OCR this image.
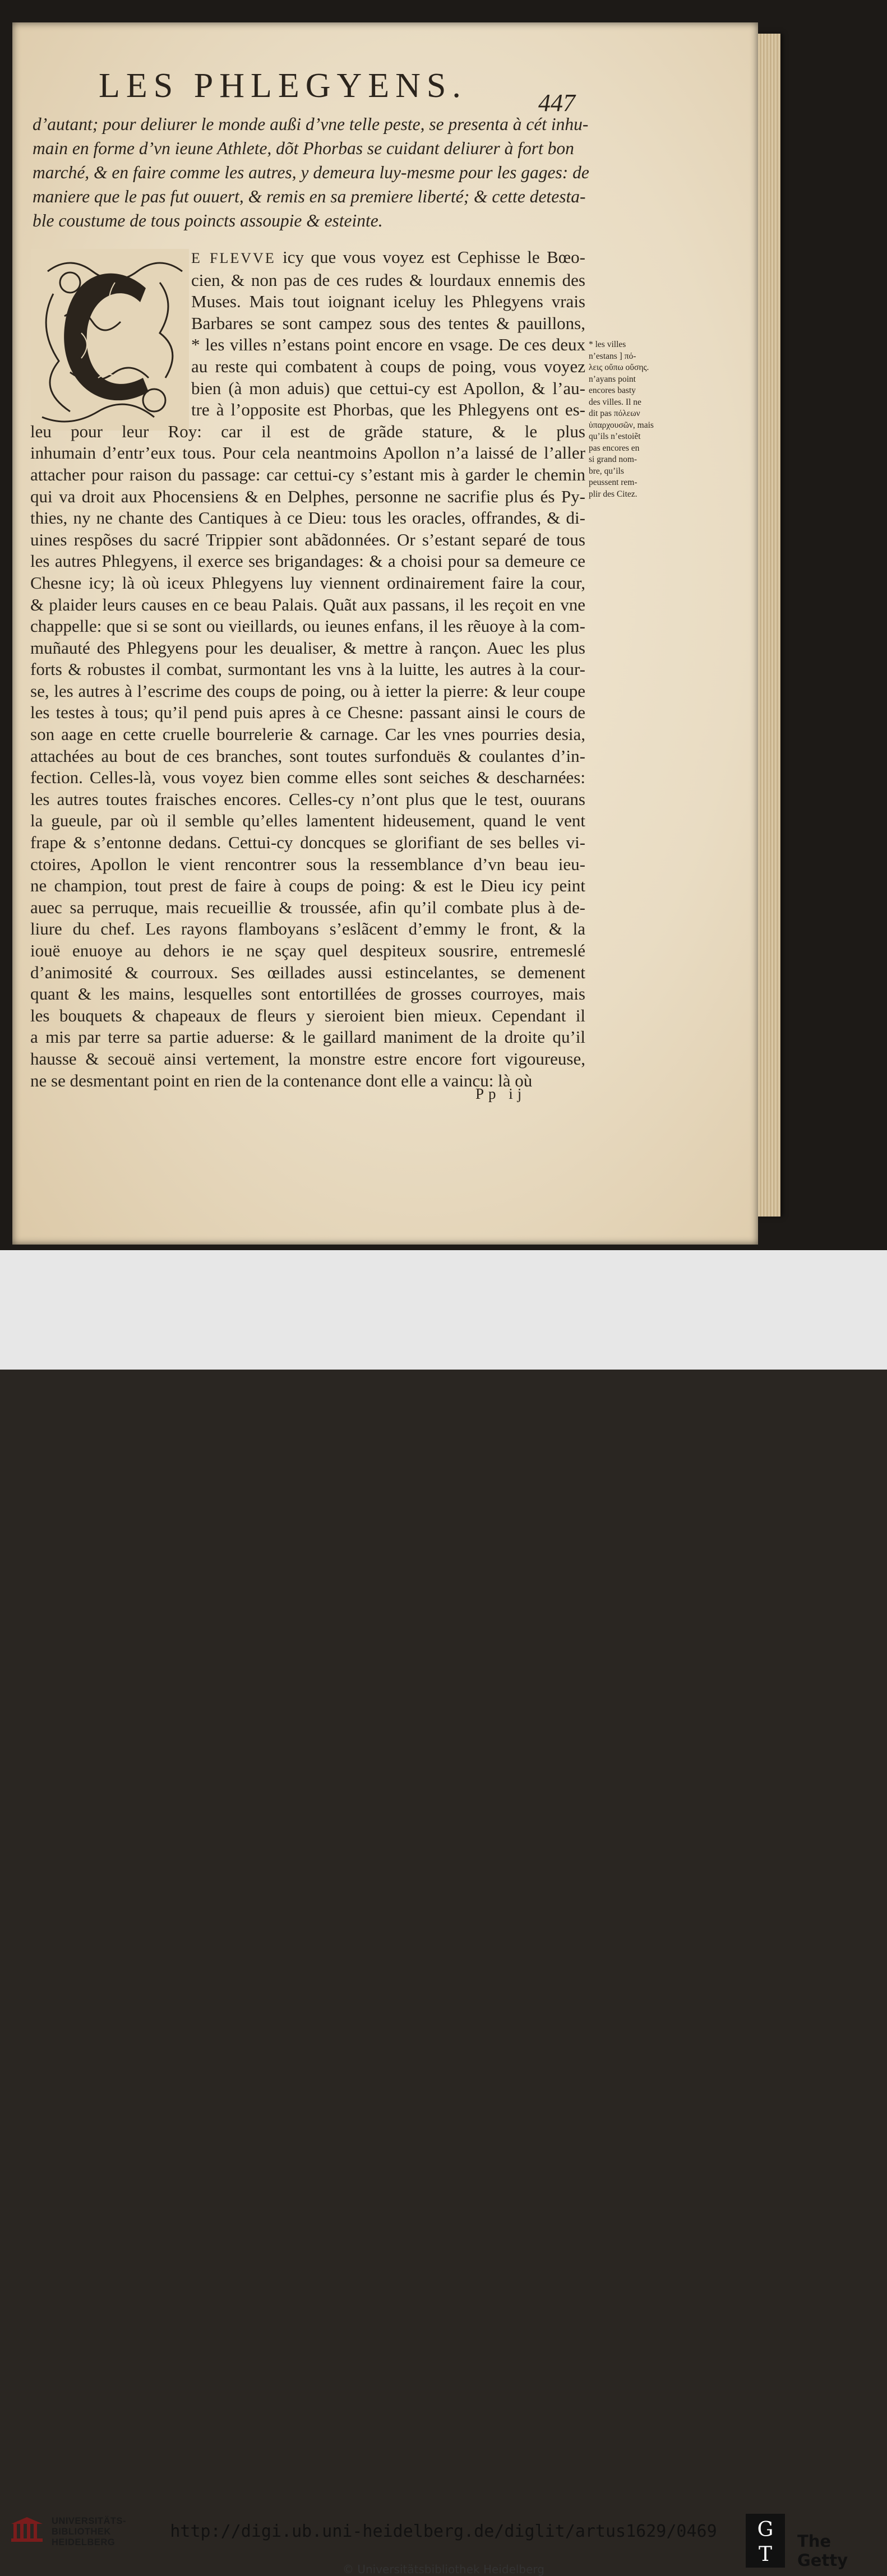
LES PHLEGYENS.	447
d’autant; pour deliurer le monde außi d’vne telle peste, se presenta à cét inhu-
main en forme d’vn ieune Athlete, dõt Phorbas se cuidant deliurer à fort bon
marché, & en faire comme les autres, y demeura luy-mesme pour les gages: de
maniere que le pas fut ouuert, & remis en sa premiere liberté; & cette detesta-
ble coustume de tous poincts assoupie & esteinte.
E FLEVVE icy que vous voyez est Cephisse le Bœo-
cien, & non pas de ces rudes & lourdaux ennemis des
Muses. Mais tout ioignant iceluy les Phlegyens vrais
Barbares se sont campez sous des tentes & pauillons,
* les villes n’estans point encore en vsage. De ces deux
au reste qui combatent à coups de poing, vous voyez
bien (à mon aduis) que cettui-cy est Apollon, & l’au-
tre à l’opposite est Phorbas, que les Phlegyens ont es-
leu pour leur Roy: car il est de grãde stature, & le plus
inhumain d’entr’eux tous. Pour cela neantmoins Apollon n’a laissé de l’aller
attacher pour raison du passage: car cettui-cy s’estant mis à garder le chemin
qui va droit aux Phocensiens & en Delphes, personne ne sacrifie plus és Py-
thies, ny ne chante des Cantiques à ce Dieu: tous les oracles, offrandes, & di-
uines respõses du sacré Trippier sont abãdonnées. Or s’estant separé de tous
les autres Phlegyens, il exerce ses brigandages: & a choisi pour sa demeure ce
Chesne icy; là où iceux Phlegyens luy viennent ordinairement faire la cour,
& plaider leurs causes en ce beau Palais. Quãt aux passans, il les reçoit en vne
chappelle: que si se sont ou vieillards, ou ieunes enfans, il les rẽuoye à la com-
muñauté des Phlegyens pour les deualiser, & mettre à rançon. Auec les plus
forts & robustes il combat, surmontant les vns à la luitte, les autres à la cour-
se, les autres à l’escrime des coups de poing, ou à ietter la pierre: & leur coupe
les testes à tous; qu’il pend puis apres à ce Chesne: passant ainsi le cours de
son aage en cette cruelle bourrelerie & carnage. Car les vnes pourries desia,
attachées au bout de ces branches, sont toutes surfonduës & coulantes d’in-
fection. Celles-là, vous voyez bien comme elles sont seiches & descharnées:
les autres toutes fraisches encores. Celles-cy n’ont plus que le test, ouurans
la gueule, par où il semble qu’elles lamentent hideusement, quand le vent
frape & s’entonne dedans. Cettui-cy doncques se glorifiant de ses belles vi-
ctoires, Apollon le vient rencontrer sous la ressemblance d’vn beau ieu-
ne champion, tout prest de faire à coups de poing: & est le Dieu icy peint
auec sa perruque, mais recueillie & troussée, afin qu’il combate plus à de-
liure du chef. Les rayons flamboyans s’eslãcent d’emmy le front, & la
iouë enuoye au dehors ie ne sçay quel despiteux sousrire, entremeslé
d’animosité & courroux. Ses œillades aussi estincelantes, se demenent
quant & les mains, lesquelles sont entortillées de grosses courroyes, mais
les bouquets & chapeaux de fleurs y sieroient bien mieux. Cependant il
a mis par terre sa partie aduerse: & le gaillard maniment de la droite qu’il
hausse & secouë ainsi vertement, la monstre estre encore fort vigoureuse,
ne se desmentant point en rien de la contenance dont elle a vaincu: là où
* les villes
n’estans ] πό-
λεις οὔπω οὔσης.
n’ayans point
encores basty
des villes. Il ne
dit pas πόλεων
ὑπαρχουσῶν, mais
qu’ils n’estoiẽt
pas encores en
si grand nom-
bre, qu’ils
peussent rem-
plir des Citez.
Pp ij
UNIVERSITÄTS-
BIBLIOTHEK
HEIDELBERG
http://digi.ub.uni-heidelberg.de/diglit/artus1629/0469
© Universitätsbibliothek Heidelberg
G
T
The Getty
